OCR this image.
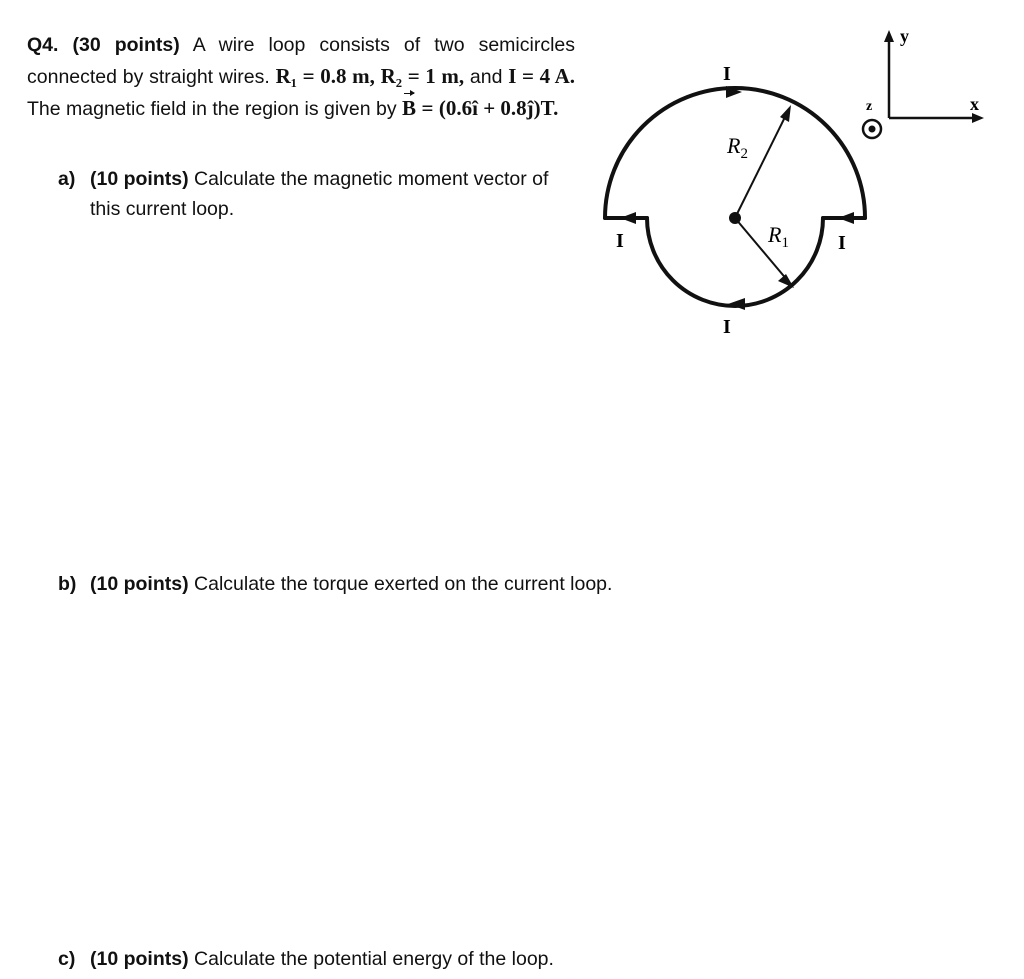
Q4. (30 points) A wire loop consists of two semicircles connected by straight wires. R₁ = 0.8 m, R₂ = 1 m, and I = 4 A. The magnetic field in the region is given by B = (0.6î + 0.8ĵ)T.
a) (10 points) Calculate the magnetic moment vector of
this current loop.
b) (10 points) Calculate the torque exerted on the current loop.
c) (10 points) Calculate the potential energy of the loop.
I
I	I
I
$R_2$
$R_1$
y
x
z
